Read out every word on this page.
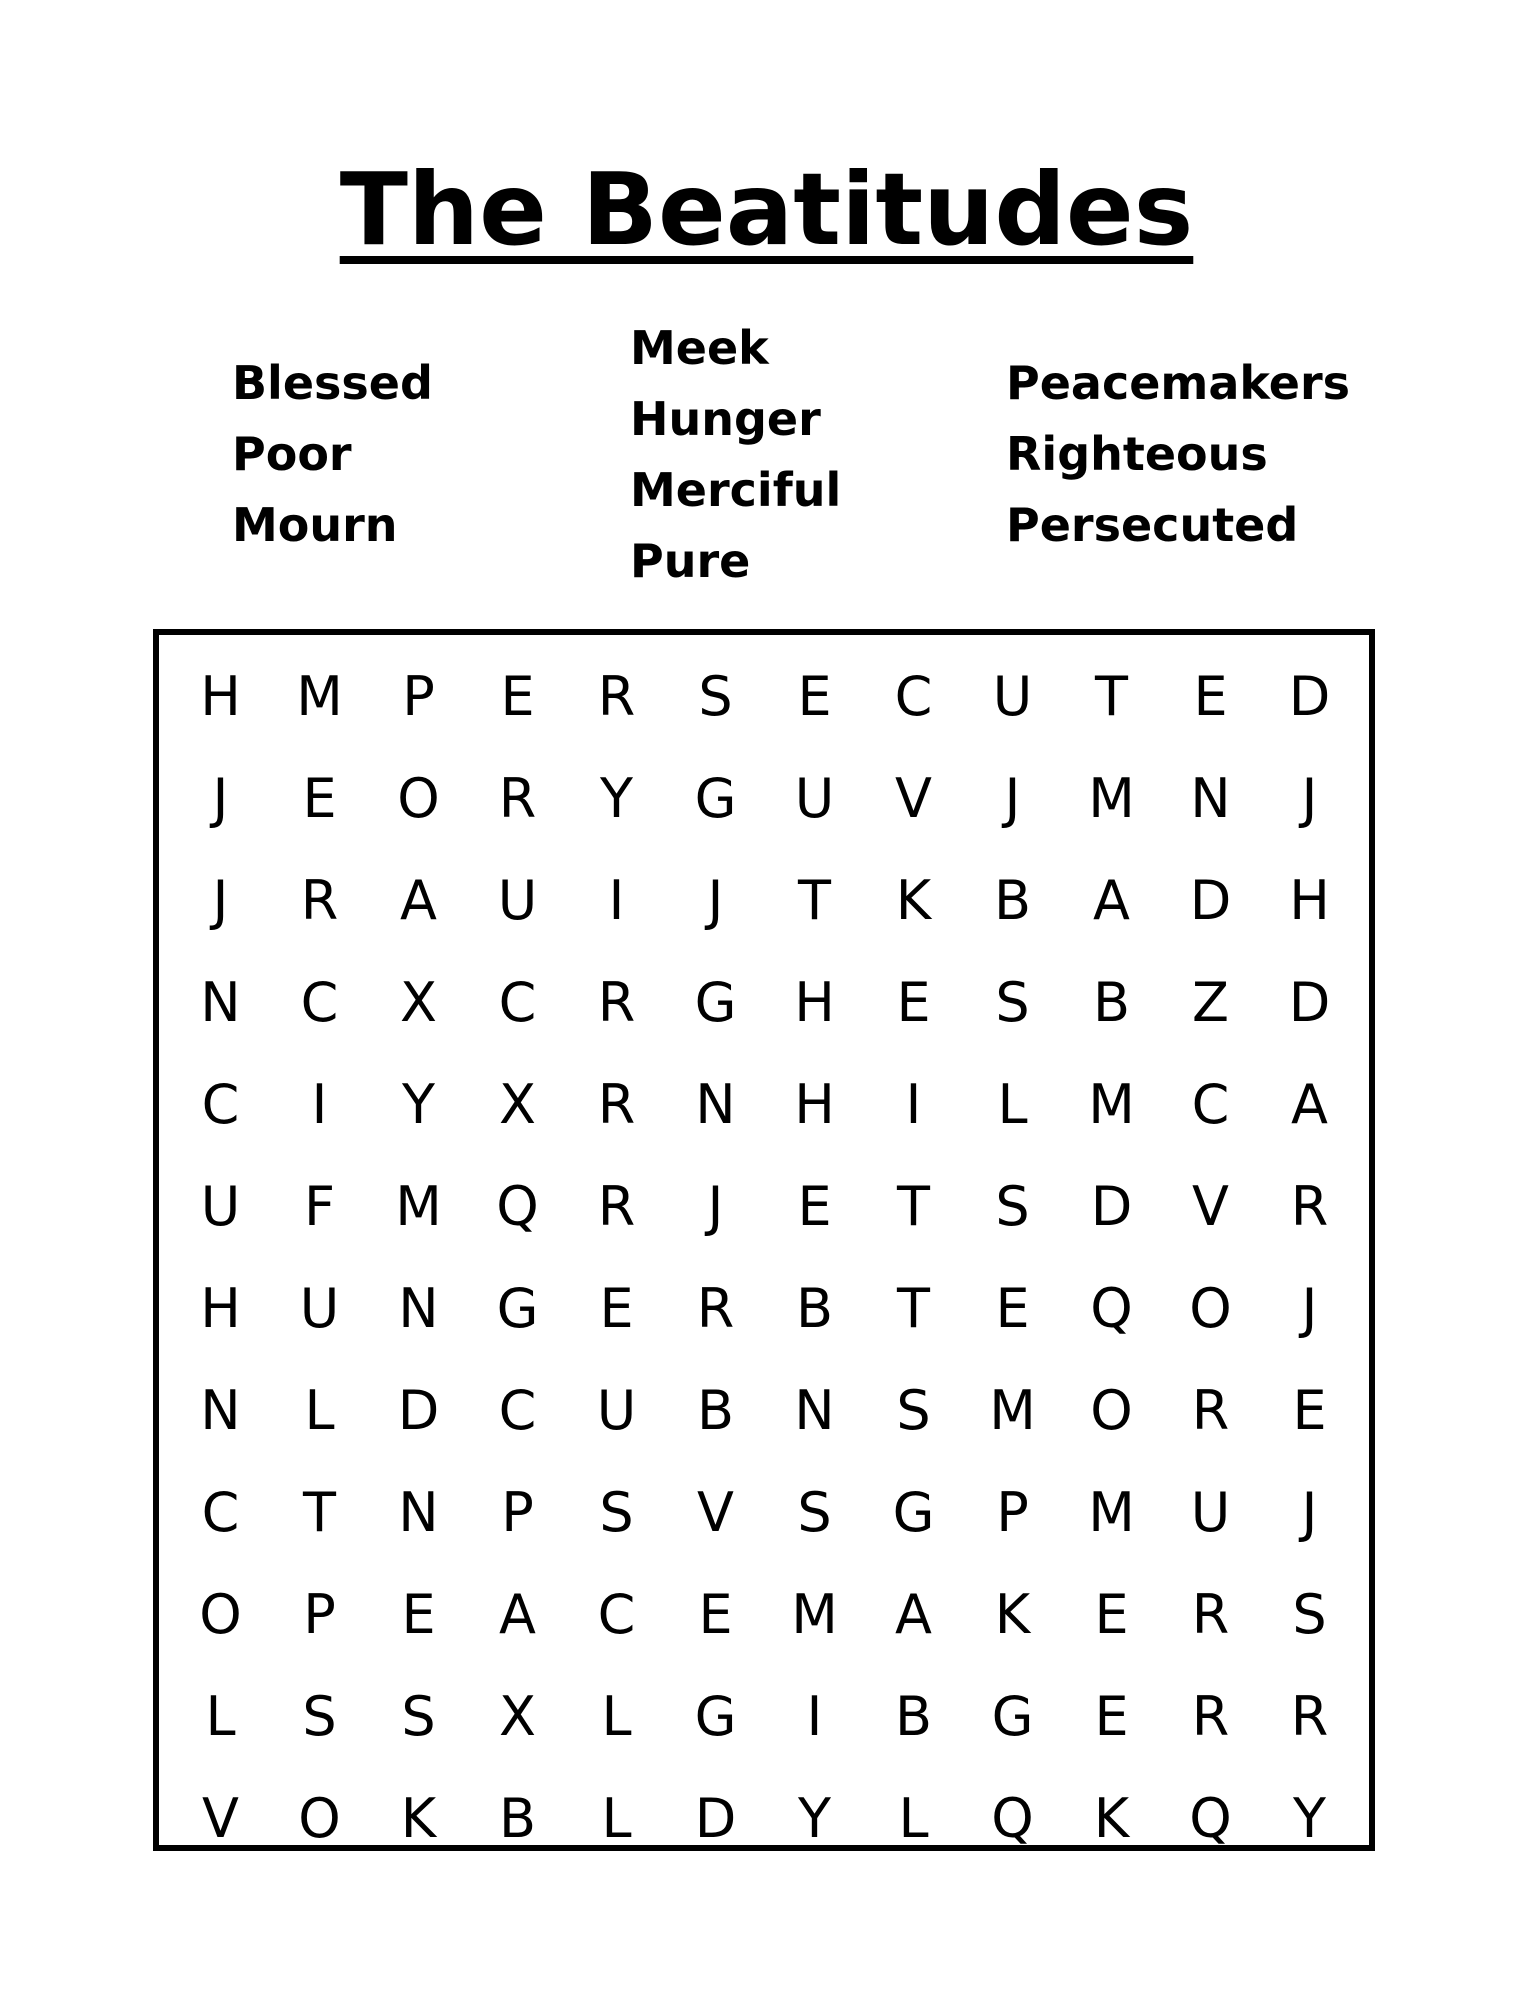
The Beatitudes
Blessed
Poor
Mourn
Meek
Hunger
Merciful
Pure
Peacemakers
Righteous
Persecuted
H	M	P	E	R	S	E	C	U	T	E	D
J	E	O	R	Y	G	U	V	J	M	N	J
J	R	A	U	I	J	T	K	B	A	D	H
N	C	X	C	R	G	H	E	S	B	Z	D
C	I	Y	X	R	N	H	I	L	M	C	A
U	F	M	Q	R	J	E	T	S	D	V	R
H	U	N	G	E	R	B	T	E	Q	O	J
N	L	D	C	U	B	N	S	M	O	R	E
C	T	N	P	S	V	S	G	P	M	U	J
O	P	E	A	C	E	M	A	K	E	R	S
L	S	S	X	L	G	I	B	G	E	R	R
V	O	K	B	L	D	Y	L	Q	K	Q	Y
